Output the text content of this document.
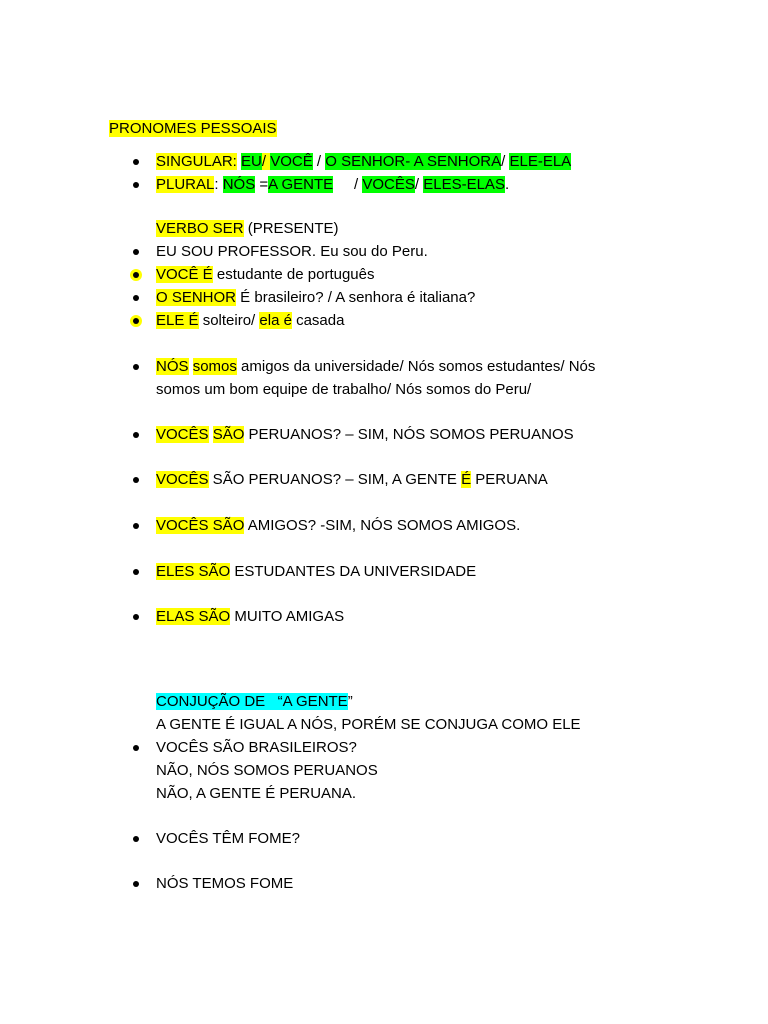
PRONOMES PESSOAIS
SINGULAR: EU/ VOCÊ / O SENHOR- A SENHORA/ ELE-ELA
PLURAL: NÓS =A GENTE     / VOCÊS/ ELES-ELAS.
VERBO SER (PRESENTE)
EU SOU PROFESSOR. Eu sou do Peru.
VOCÊ É estudante de português
O SENHOR É brasileiro? / A senhora é italiana?
ELE É solteiro/ ela é casada
NÓS somos amigos da universidade/ Nós somos estudantes/ Nós
somos um bom equipe de trabalho/ Nós somos do Peru/
VOCÊS SÃO PERUANOS? – SIM, NÓS SOMOS PERUANOS
VOCÊS SÃO PERUANOS? – SIM, A GENTE É PERUANA
VOCÊS SÃO AMIGOS? -SIM, NÓS SOMOS AMIGOS.
ELES SÃO ESTUDANTES DA UNIVERSIDADE
ELAS SÃO MUITO AMIGAS
CONJUÇÃO DE   “A GENTE”
A GENTE É IGUAL A NÓS, PORÉM SE CONJUGA COMO ELE
VOCÊS SÃO BRASILEIROS?
NÃO, NÓS SOMOS PERUANOS
NÃO, A GENTE É PERUANA.
VOCÊS TÊM FOME?
NÓS TEMOS FOME
